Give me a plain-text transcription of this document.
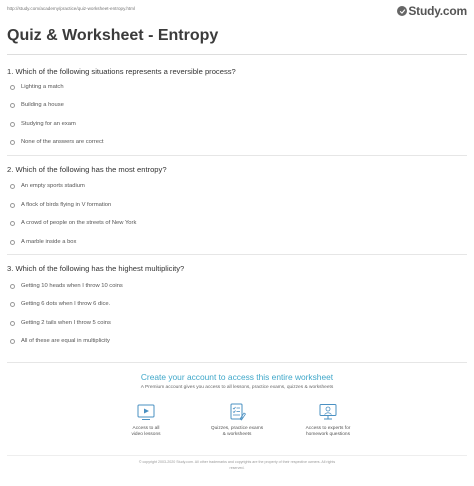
http://study.com/academy/practice/quiz-worksheet-entropy.html	Study.com
Quiz & Worksheet - Entropy
1. Which of the following situations represents a reversible process?
Lighting a match
Building a house
Studying for an exam
None of the answers are correct
2. Which of the following has the most entropy?
An empty sports stadium
A flock of birds flying in V formation
A crowd of people on the streets of New York
A marble inside a box
3. Which of the following has the highest multiplicity?
Getting 10 heads when I throw 10 coins
Getting 6 dots when I throw 6 dice.
Getting 2 tails when I throw 5 coins
All of these are equal in multiplicity
Create your account to access this entire worksheet
A Premium account gives you access to all lessons, practice exams, quizzes & worksheets
Access to all
video lessons
Quizzes, practice exams
& worksheets
Access to experts for
homework questions
© copyright 2003-2020 Study.com. All other trademarks and copyrights are the property of their respective owners. All rights
reserved.
